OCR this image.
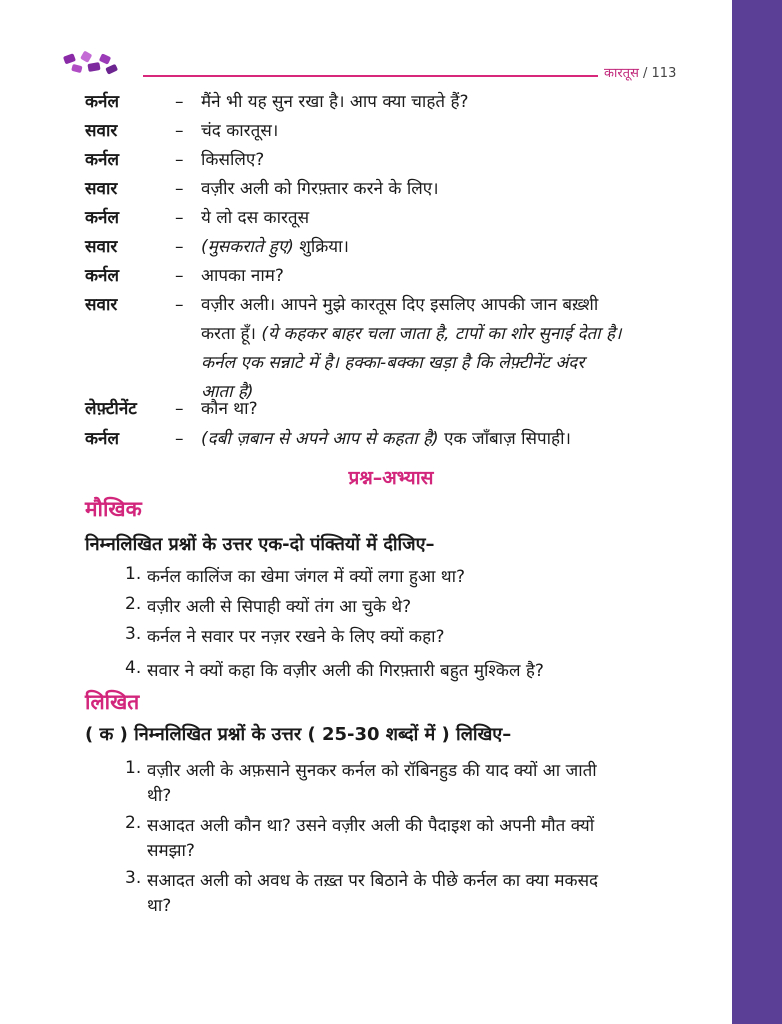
कारतूस / 113
कर्नल	– मैंने भी यह सुन रखा है। आप क्या चाहते हैं?
सवार	– चंद कारतूस।
कर्नल	– किसलिए?
सवार	– वज़ीर अली को गिरफ़्तार करने के लिए।
कर्नल	– ये लो दस कारतूस
सवार	– (मुसकराते हुए) शुक्रिया।
कर्नल	– आपका नाम?
सवार	– वज़ीर अली। आपने मुझे कारतूस दिए इसलिए आपकी जान बख़्शी
करता हूँ। (ये कहकर बाहर चला जाता है, टापों का शोर सुनाई देता है।
कर्नल एक सन्नाटे में है। हक्का-बक्का खड़ा है कि लेफ़्टीनेंट अंदर
आता है)
लेफ़्टीनेंट	– कौन था?
कर्नल	– (दबी ज़बान से अपने आप से कहता है) एक जाँबाज़ सिपाही।
प्रश्न–अभ्यास
मौखिक
निम्नलिखित प्रश्नों के उत्तर एक-दो पंक्तियों में दीजिए–
1. कर्नल कालिंज का खेमा जंगल में क्यों लगा हुआ था?
2. वज़ीर अली से सिपाही क्यों तंग आ चुके थे?
3. कर्नल ने सवार पर नज़र रखने के लिए क्यों कहा?
4. सवार ने क्यों कहा कि वज़ीर अली की गिरफ़्तारी बहुत मुश्किल है?
लिखित
( क ) निम्नलिखित प्रश्नों के उत्तर ( 25-30 शब्दों में ) लिखिए–
1. वज़ीर अली के अफ़साने सुनकर कर्नल को रॉबिनहुड की याद क्यों आ जाती
थी?
2. सआदत अली कौन था? उसने वज़ीर अली की पैदाइश को अपनी मौत क्यों
समझा?
3. सआदत अली को अवध के तख़्त पर बिठाने के पीछे कर्नल का क्या मकसद
था?
